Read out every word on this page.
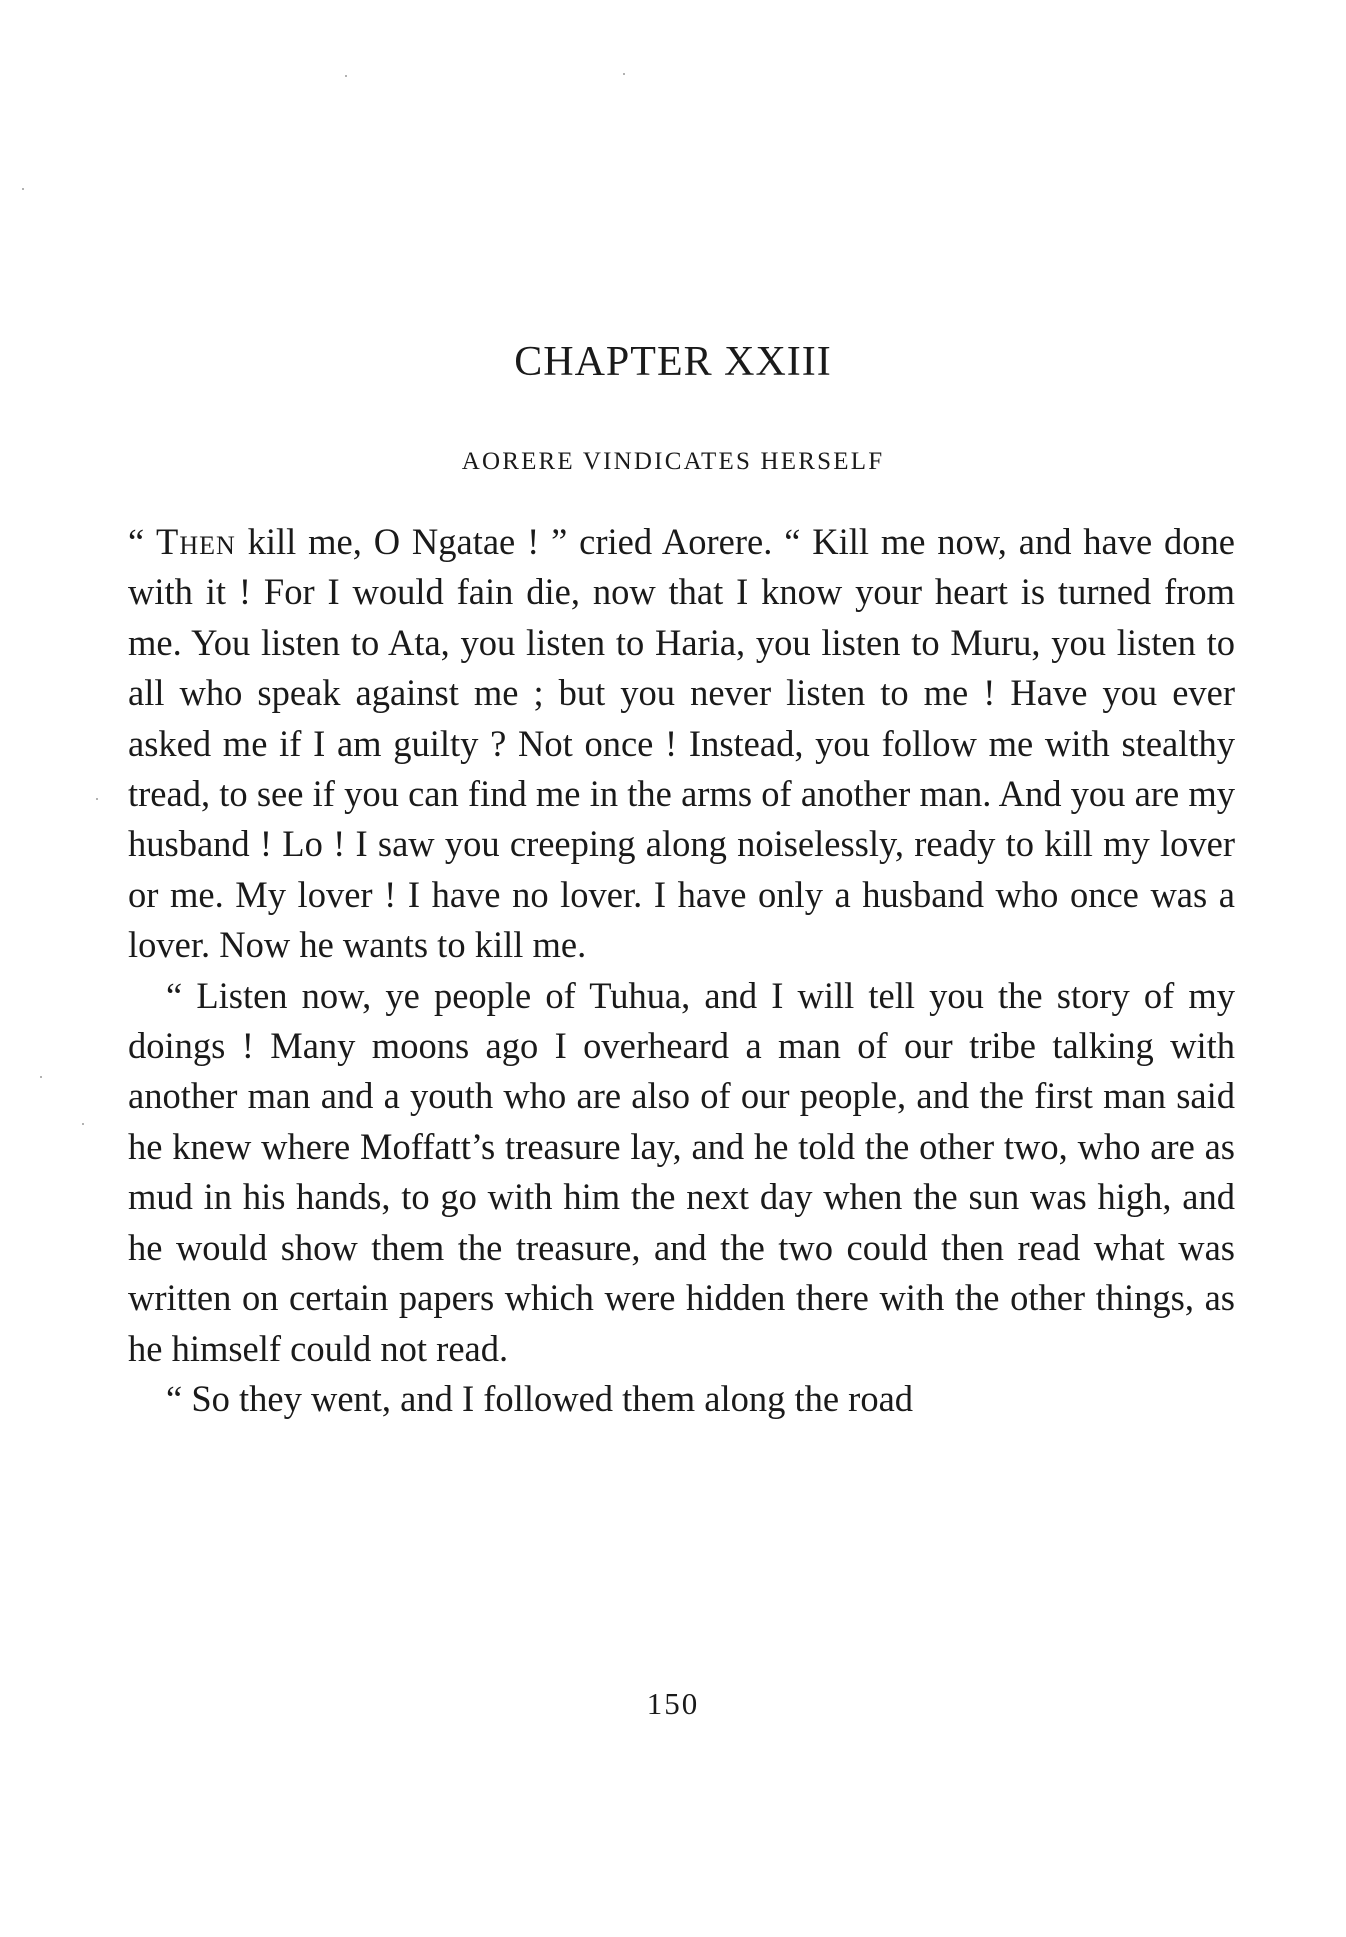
CHAPTER XXIII
AORERE VINDICATES HERSELF

“ Then kill me, O Ngatae ! ” cried Aorere. “ Kill me now, and have done with it ! For I would fain die, now that I know your heart is turned from me. You listen to Ata, you listen to Haria, you listen to Muru, you listen to all who speak against me ; but you never listen to me ! Have you ever asked me if I am guilty ? Not once ! Instead, you follow me with stealthy tread, to see if you can find me in the arms of another man. And you are my husband ! Lo ! I saw you creeping along noiselessly, ready to kill my lover or me. My lover ! I have no lover. I have only a husband who once was a lover. Now he wants to kill me.

“ Listen now, ye people of Tuhua, and I will tell you the story of my doings ! Many moons ago I overheard a man of our tribe talking with another man and a youth who are also of our people, and the first man said he knew where Moffatt’s treasure lay, and he told the other two, who are as mud in his hands, to go with him the next day when the sun was high, and he would show them the treasure, and the two could then read what was written on certain papers which were hidden there with the other things, as he himself could not read.

“ So they went, and I followed them along the road

150
